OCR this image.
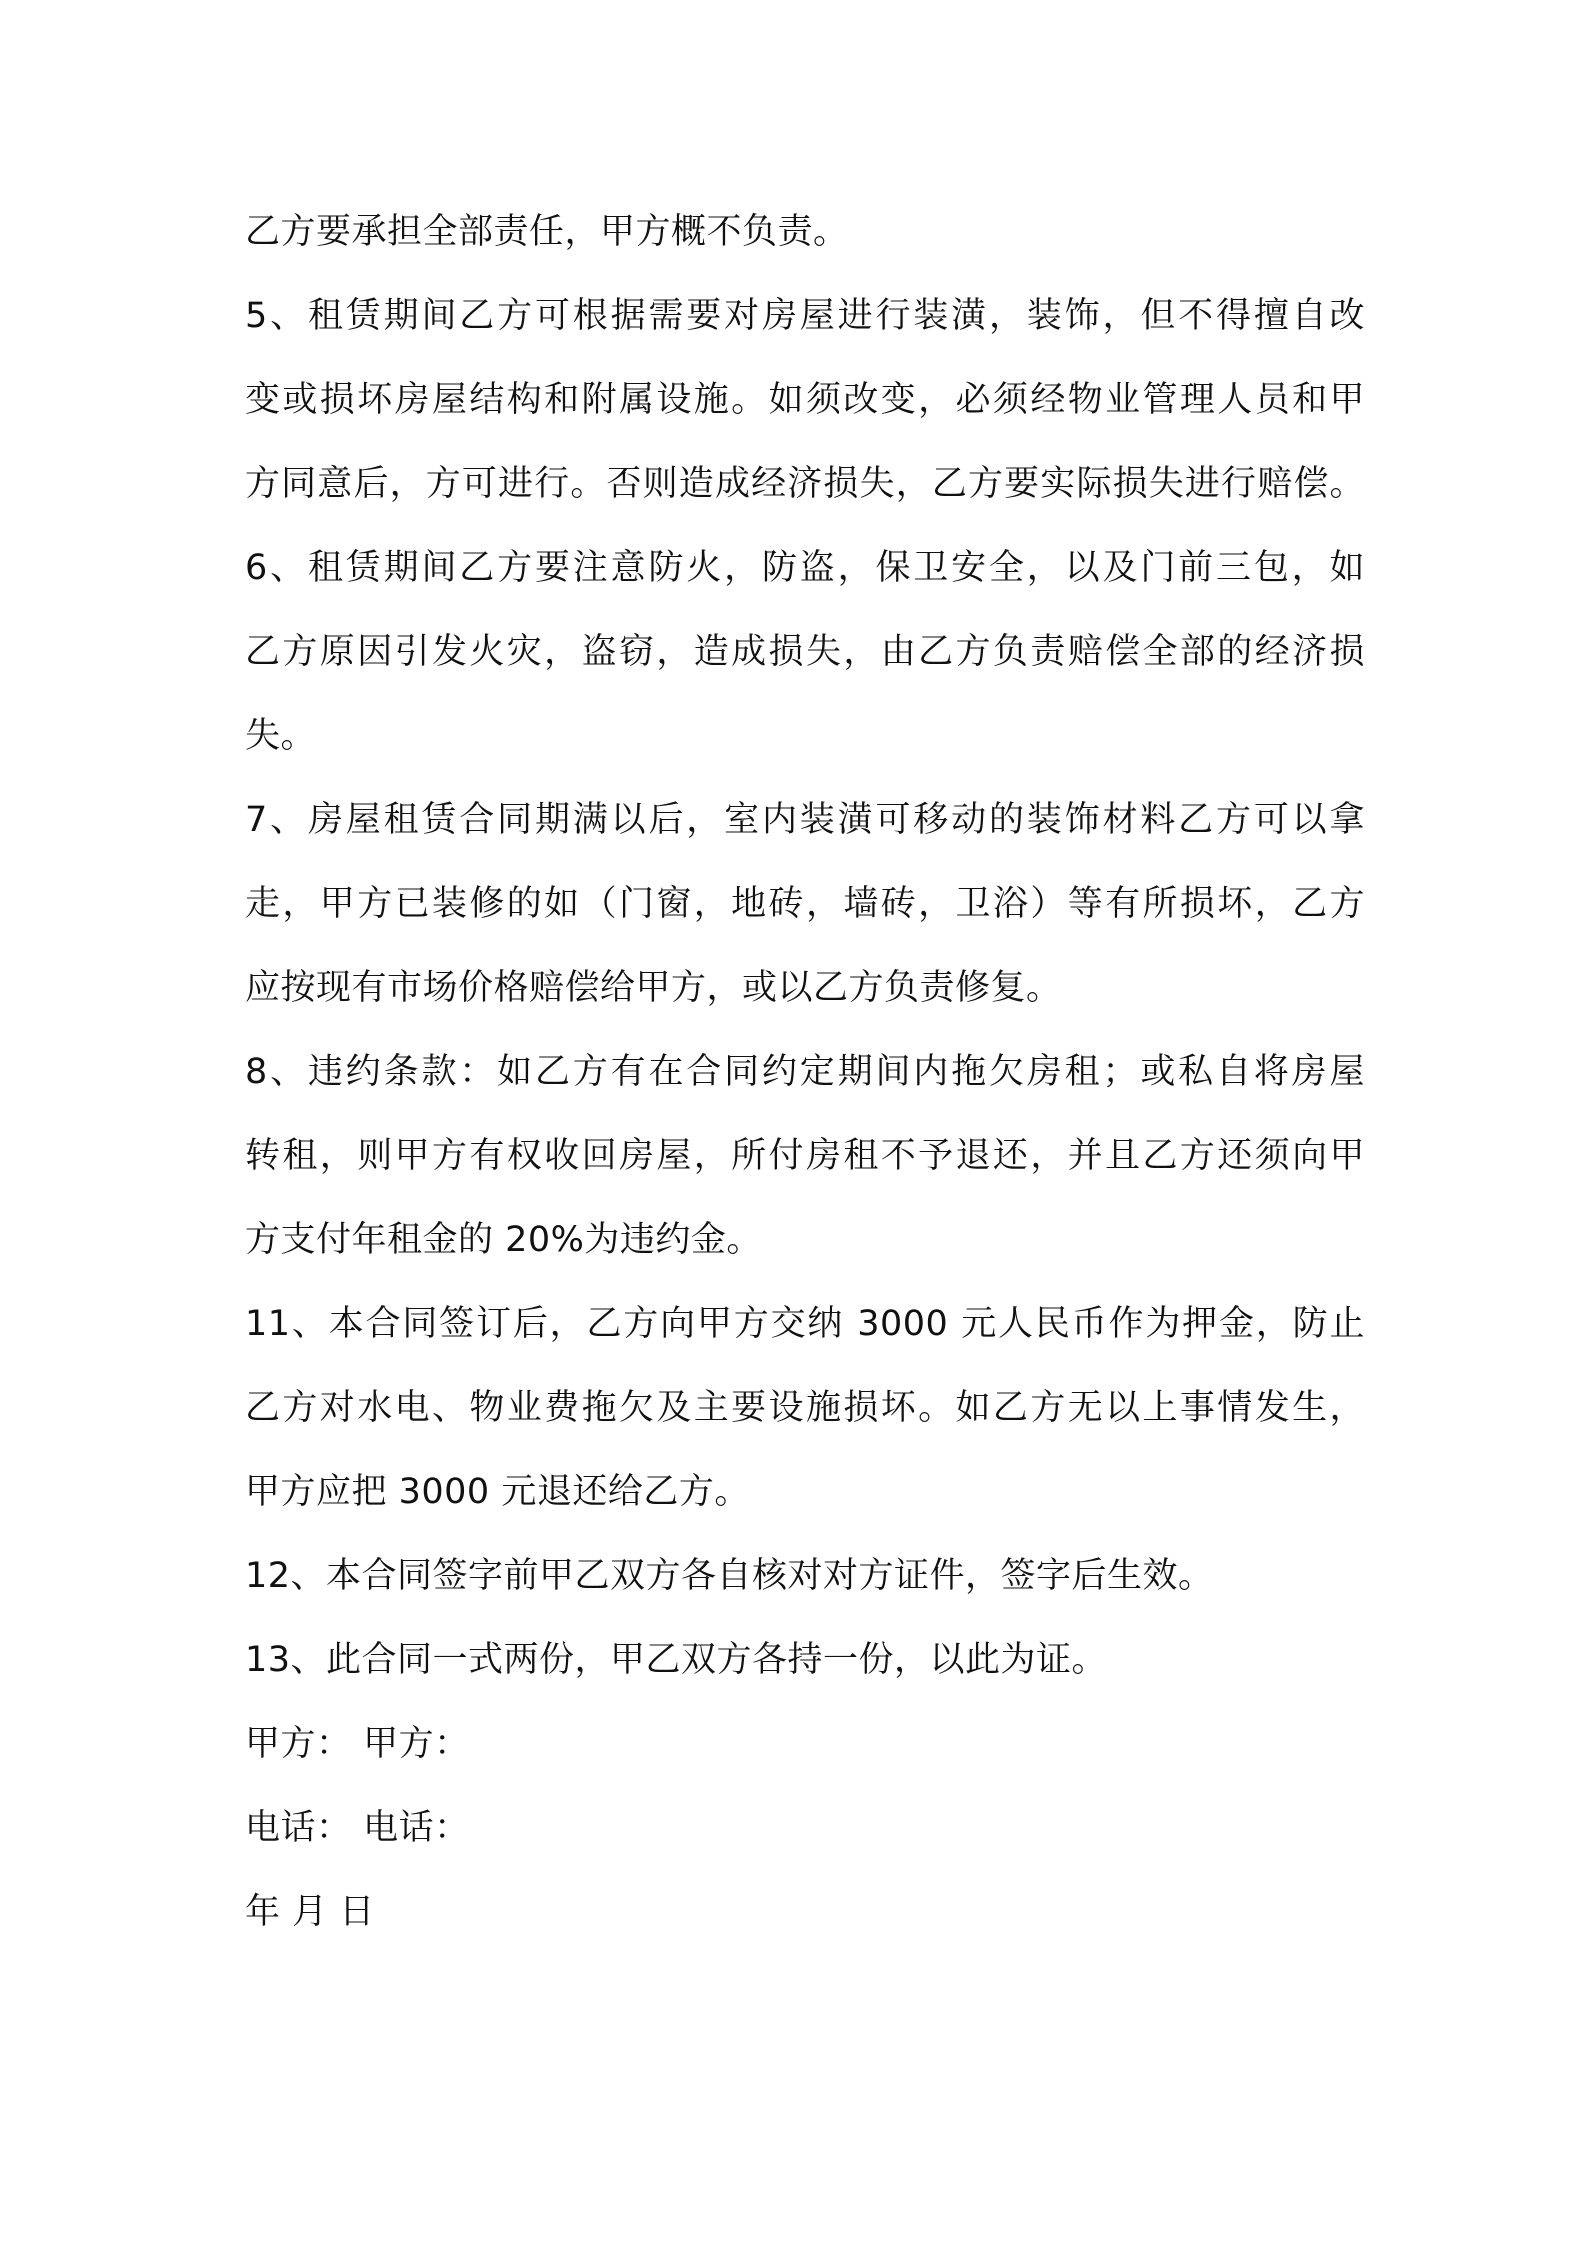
乙方要承担全部责任，甲方概不负责。

5、租赁期间乙方可根据需要对房屋进行装潢，装饰，但不得擅自改

变或损坏房屋结构和附属设施。如须改变，必须经物业管理人员和甲

方同意后，方可进行。否则造成经济损失，乙方要实际损失进行赔偿。

6、租赁期间乙方要注意防火，防盗，保卫安全，以及门前三包，如

乙方原因引发火灾，盗窃，造成损失，由乙方负责赔偿全部的经济损

失。

7、房屋租赁合同期满以后，室内装潢可移动的装饰材料乙方可以拿

走，甲方已装修的如（门窗，地砖，墙砖，卫浴）等有所损坏，乙方

应按现有市场价格赔偿给甲方，或以乙方负责修复。

8、违约条款：如乙方有在合同约定期间内拖欠房租；或私自将房屋

转租，则甲方有权收回房屋，所付房租不予退还，并且乙方还须向甲

方支付年租金的 20%为违约金。

11、本合同签订后，乙方向甲方交纳 3000 元人民币作为押金，防止

乙方对水电、物业费拖欠及主要设施损坏。如乙方无以上事情发生，

甲方应把 3000 元退还给乙方。

12、本合同签字前甲乙双方各自核对对方证件，签字后生效。

13、此合同一式两份，甲乙双方各持一份，以此为证。

甲方： 甲方：

电话： 电话：

年 月 日
